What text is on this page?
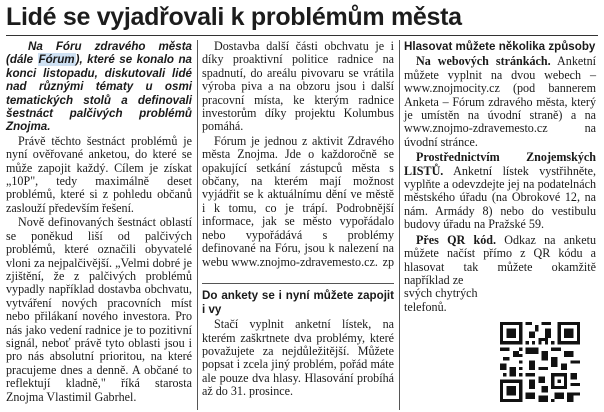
Lidé se vyjadřovali k problémům města

Na Fóru zdravého města (dále Fórum), které se konalo na konci listopadu, diskutovali lidé nad různými tématy u osmi tematických stolů a definovali šestnáct palčivých problémů Znojma.

Právě těchto šestnáct problémů je nyní ověřované anketou, do které se může zapojit každý. Cílem je získat „10P", tedy maximálně deset problémů, které si z pohledu občanů zaslouží především řešení.

Nově definovaných šestnáct oblastí se poněkud liší od palčivých problémů, které označili obyvatelé vloni za nejpalčivější. „Velmi dobré je zjištění, že z palčivých problémů vypadly například dostavba obchvatu, vytváření nových pracovních míst nebo přilákaní nového investora. Pro nás jako vedení radnice je to pozitivní signál, neboť právě tyto oblasti jsou i pro nás absolutní prioritou, na které pracujeme dnes a denně. A občané to reflektují kladně," říká starosta Znojma Vlastimil Gabrhel.

Dostavba další části obchvatu je i díky proaktivní politice radnice na spadnutí, do areálu pivovaru se vrátila výroba piva a na obzoru jsou i další pracovní místa, ke kterým radnice investorům díky projektu Kolumbus pomáhá.

Fórum je jednou z aktivit Zdravého města Znojma. Jde o každoročně se opakující setkání zástupců města s občany, na kterém mají možnost vyjádřit se k aktuálnímu dění ve městě i k tomu, co je trápí. Podrobnější informace, jak se město vypořádalo nebo vypořádává s problémy definované na Fóru, jsou k nalezení na webu www.znojmo-zdravemesto.cz. zp
Do ankety se i nyní můžete zapojit i vy

Stačí vyplnit anketní lístek, na kterém zaškrtnete dva problémy, které považujete za nejdůležitější. Můžete popsat i zcela jiný problém, pořád máte ale pouze dva hlasy. Hlasování probíhá až do 31. prosince.

Hlasovat můžete několika způsoby

Na webových stránkách. Anketní můžete vyplnit na dvou webech – www.znojmocity.cz (pod bannerem Anketa – Fórum zdravého města, který je umístěn na úvodní straně) a na www.znojmo-zdravemesto.cz na úvodní stránce.

Prostřednictvím Znojemských LISTŮ. Anketní lístek vystřihněte, vyplňte a odevzdejte jej na podatelnách městského úřadu (na Obrokové 12, na nám. Armády 8) nebo do vestibulu budovy úřadu na Pražské 59.

Přes QR kód. Odkaz na anketu můžete načíst přímo z QR kódu a hlasovat tak můžete okamžitě například ze

svých chytrých telefonů.
